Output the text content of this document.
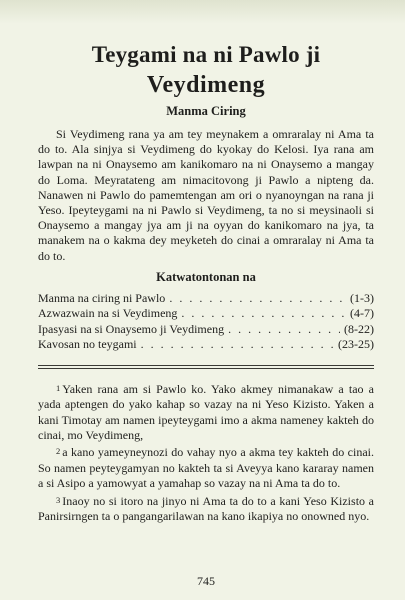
Teygami na ni Pawlo ji
Veydimeng
Manma Ciring
Si Veydimeng rana ya am tey meynakem a omraralay ni Ama ta do to. Ala sinjya si Veydimeng do kyokay do Kelosi. Iya rana am lawpan na ni Onaysemo am kanikomaro na ni Onaysemo a mangay do Loma. Meyratateng am nimacitovong ji Pawlo a nipteng da. Nanawen ni Pawlo do pamemtengan am ori o nyanoyngan na rana ji Yeso. Ipeyteygami na ni Pawlo si Veydimeng, ta no si meysinaoli si Onaysemo a mangay jya am ji na oyyan do kanikomaro na jya, ta manakem na o kakma dey meyketeh do cinai a omraralay ni Ama ta do to.
Katwatontonan na
Manma na ciring ni Pawlo . . .	(1-3)
Azwazwain na si Veydimeng . . .	(4-7)
Ipasyasi na si Onaysemo ji Veydimeng . . .	(8-22)
Kavosan no teygami . . .	(23-25)

1 Yaken rana am si Pawlo ko. Yako akmey nimanakaw a tao a yada aptengen do yako kahap so vazay na ni Yeso Kizisto. Yaken a kani Timotay am namen ipeyteygami imo a akma nameney kakteh do cinai, mo Veydimeng,

2 a kano yameyneynozi do vahay nyo a akma tey kakteh do cinai. So namen peyteygamyan no kakteh ta si Aveyya kano kararay namen a si Asipo a yamowyat a yamahap so vazay na ni Ama ta do to.

3 Inaoy no si itoro na jinyo ni Ama ta do to a kani Yeso Kizisto a Panirsirngen ta o pangangarilawan na kano ikapiya no onowned nyo.

745
